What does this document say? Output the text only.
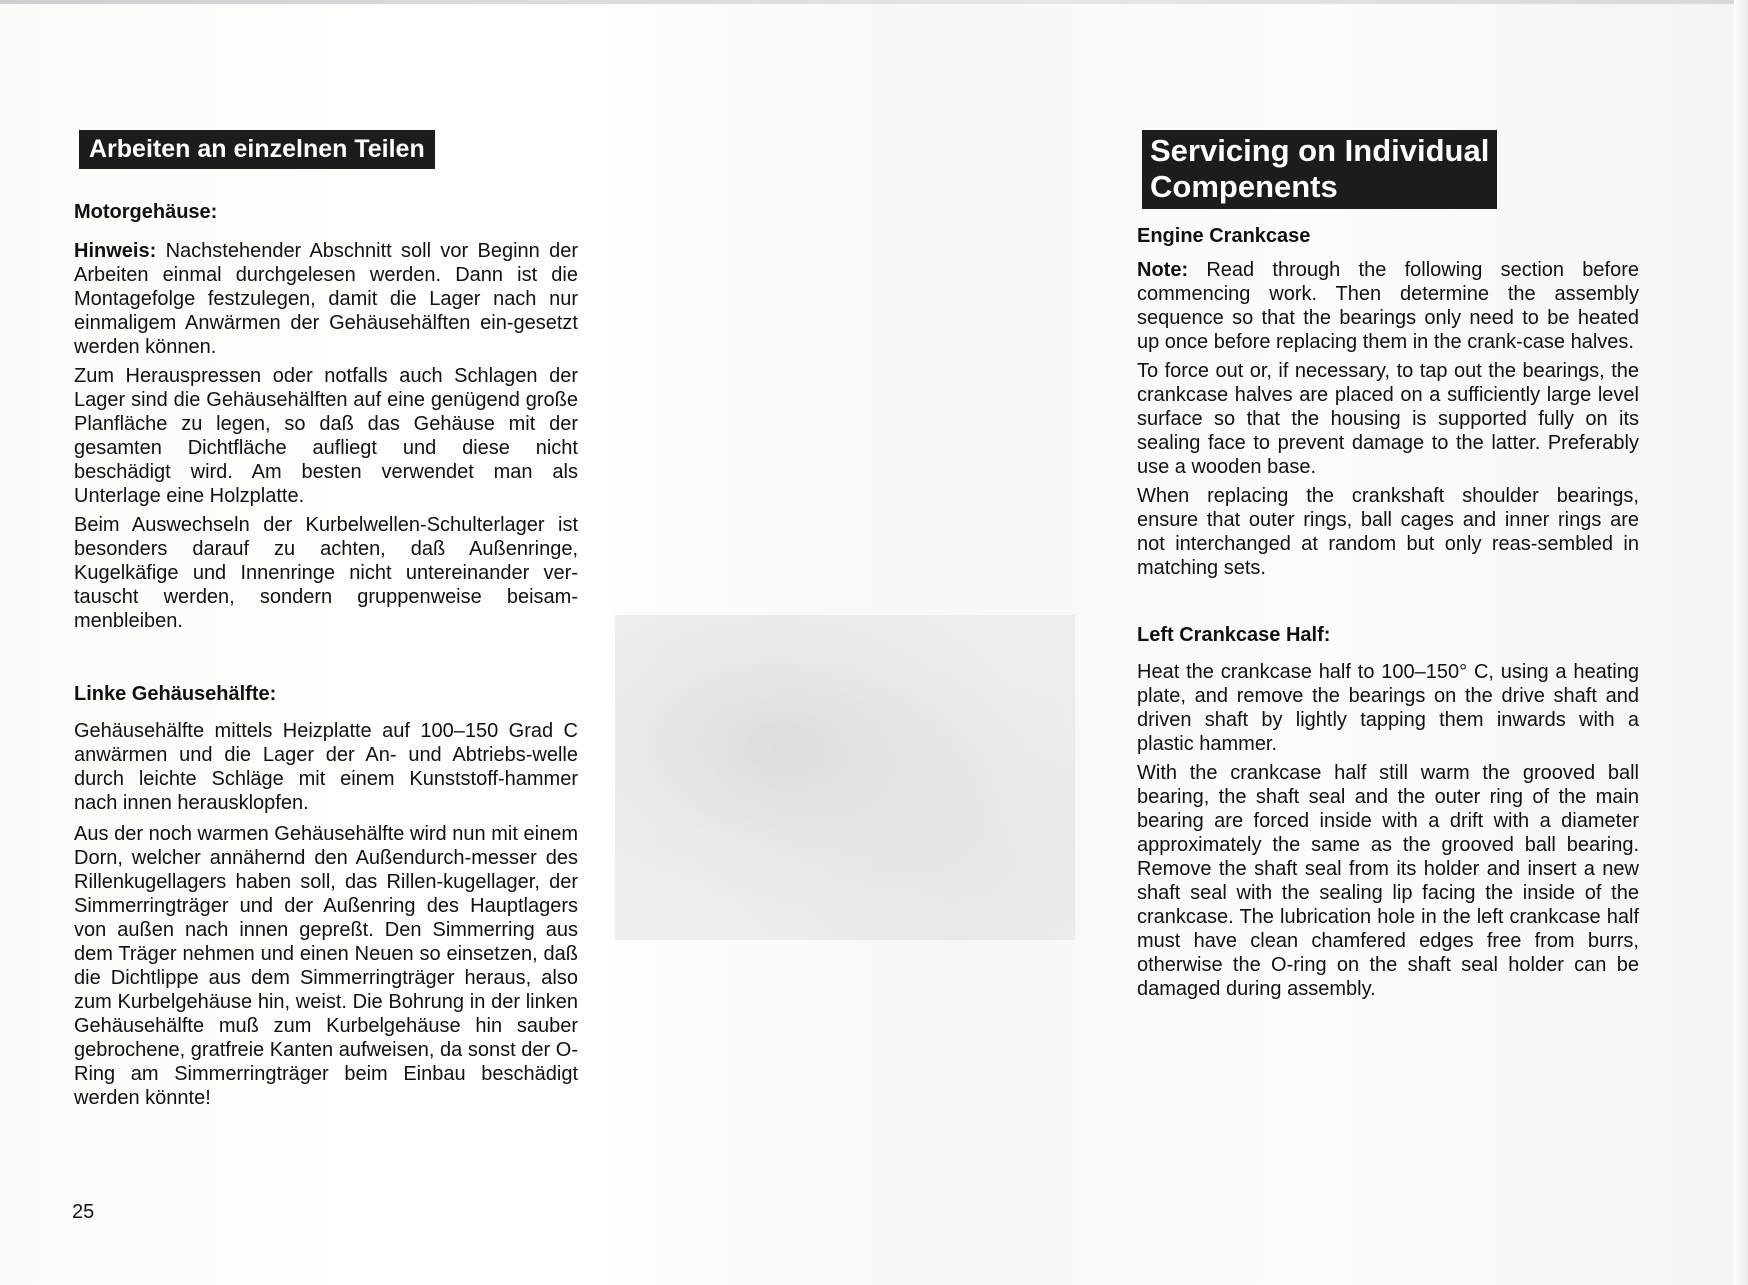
Arbeiten an einzelnen Teilen
Motorgehäuse:

Hinweis: Nachstehender Abschnitt soll vor Beginn der Arbeiten einmal durchgelesen werden. Dann ist die Montagefolge festzulegen, damit die Lager nach nur einmaligem Anwärmen der Gehäusehälften ein-gesetzt werden können.

Zum Herauspressen oder notfalls auch Schlagen der Lager sind die Gehäusehälften auf eine genügend große Planfläche zu legen, so daß das Gehäuse mit der gesamten Dichtfläche aufliegt und diese nicht beschädigt wird. Am besten verwendet man als Unterlage eine Holzplatte.

Beim Auswechseln der Kurbelwellen-Schulterlager ist besonders darauf zu achten, daß Außenringe, Kugelkäfige und Innenringe nicht untereinander ver-tauscht werden, sondern gruppenweise beisam-menbleiben.

Linke Gehäusehälfte:

Gehäusehälfte mittels Heizplatte auf 100–150 Grad C anwärmen und die Lager der An- und Abtriebs-welle durch leichte Schläge mit einem Kunststoff-hammer nach innen herausklopfen.

Aus der noch warmen Gehäusehälfte wird nun mit einem Dorn, welcher annähernd den Außendurch-messer des Rillenkugellagers haben soll, das Rillen-kugellager, der Simmerringträger und der Außenring des Hauptlagers von außen nach innen gepreßt. Den Simmerring aus dem Träger nehmen und einen Neuen so einsetzen, daß die Dichtlippe aus dem Simmerringträger heraus, also zum Kurbelgehäuse hin, weist. Die Bohrung in der linken Gehäusehälfte muß zum Kurbelgehäuse hin sauber gebrochene, gratfreie Kanten aufweisen, da sonst der O-Ring am Simmerringträger beim Einbau beschädigt werden könnte!

25
Servicing on Individual
Compenents
Engine Crankcase

Note: Read through the following section before commencing work. Then determine the assembly sequence so that the bearings only need to be heated up once before replacing them in the crank-case halves.

To force out or, if necessary, to tap out the bearings, the crankcase halves are placed on a sufficiently large level surface so that the housing is supported fully on its sealing face to prevent damage to the latter. Preferably use a wooden base.

When replacing the crankshaft shoulder bearings, ensure that outer rings, ball cages and inner rings are not interchanged at random but only reas-sembled in matching sets.

Left Crankcase Half:

Heat the crankcase half to 100–150° C, using a heating plate, and remove the bearings on the drive shaft and driven shaft by lightly tapping them inwards with a plastic hammer.

With the crankcase half still warm the grooved ball bearing, the shaft seal and the outer ring of the main bearing are forced inside with a drift with a diameter approximately the same as the grooved ball bearing. Remove the shaft seal from its holder and insert a new shaft seal with the sealing lip facing the inside of the crankcase. The lubrication hole in the left crankcase half must have clean chamfered edges free from burrs, otherwise the O-ring on the shaft seal holder can be damaged during assembly.
